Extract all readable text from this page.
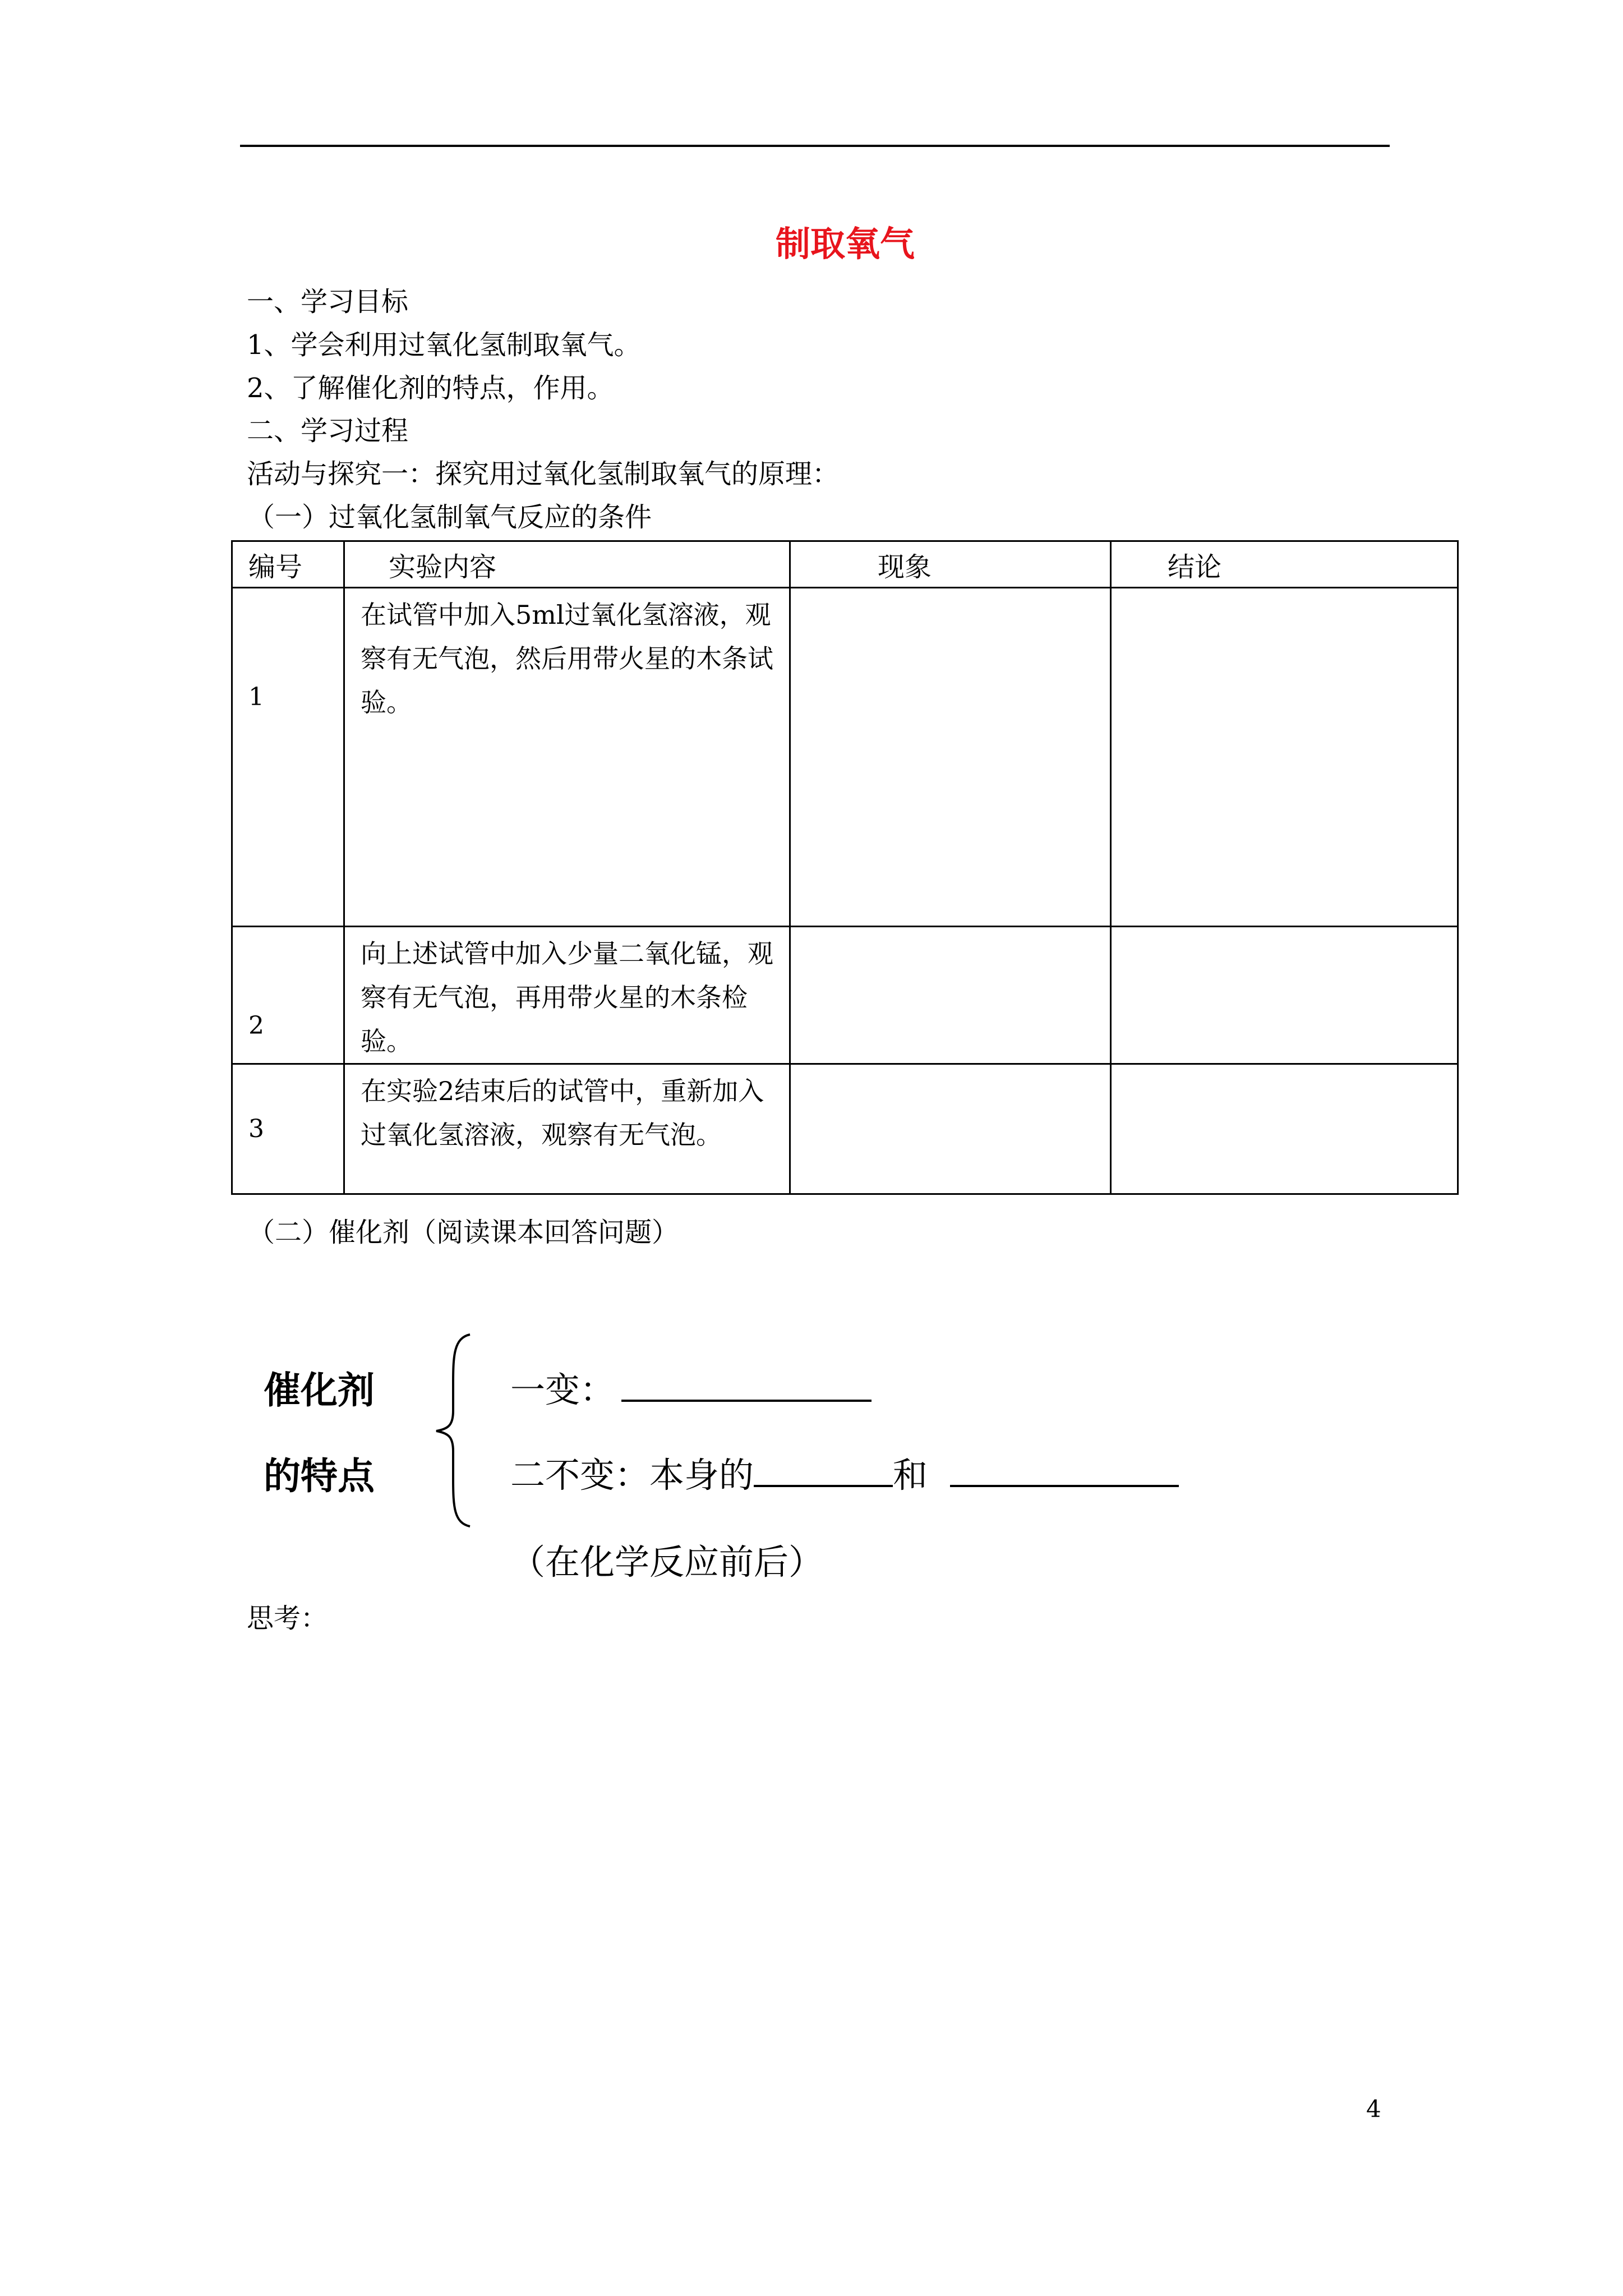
制取氧气
一、学习目标
1、学会利用过氧化氢制取氧气。
2、了解催化剂的特点，作用。
二、学习过程
活动与探究一：探究用过氧化氢制取氧气的原理：
（一）过氧化氢制氧气反应的条件
编号	实验内容	现象	结论

1	在试管中加入5ml过氧化氢溶液，观察有无气泡，然后用带火星的木条试验。		

2	向上述试管中加入少量二氧化锰，观察有无气泡，再用带火星的木条检验。		
3	在实验2结束后的试管中，重新加入过氧化氢溶液，观察有无气泡。		
（二）催化剂（阅读课本回答问题）
催化剂
的特点
一变：
二不变：本身的	和
（在化学反应前后）
思考：
4
